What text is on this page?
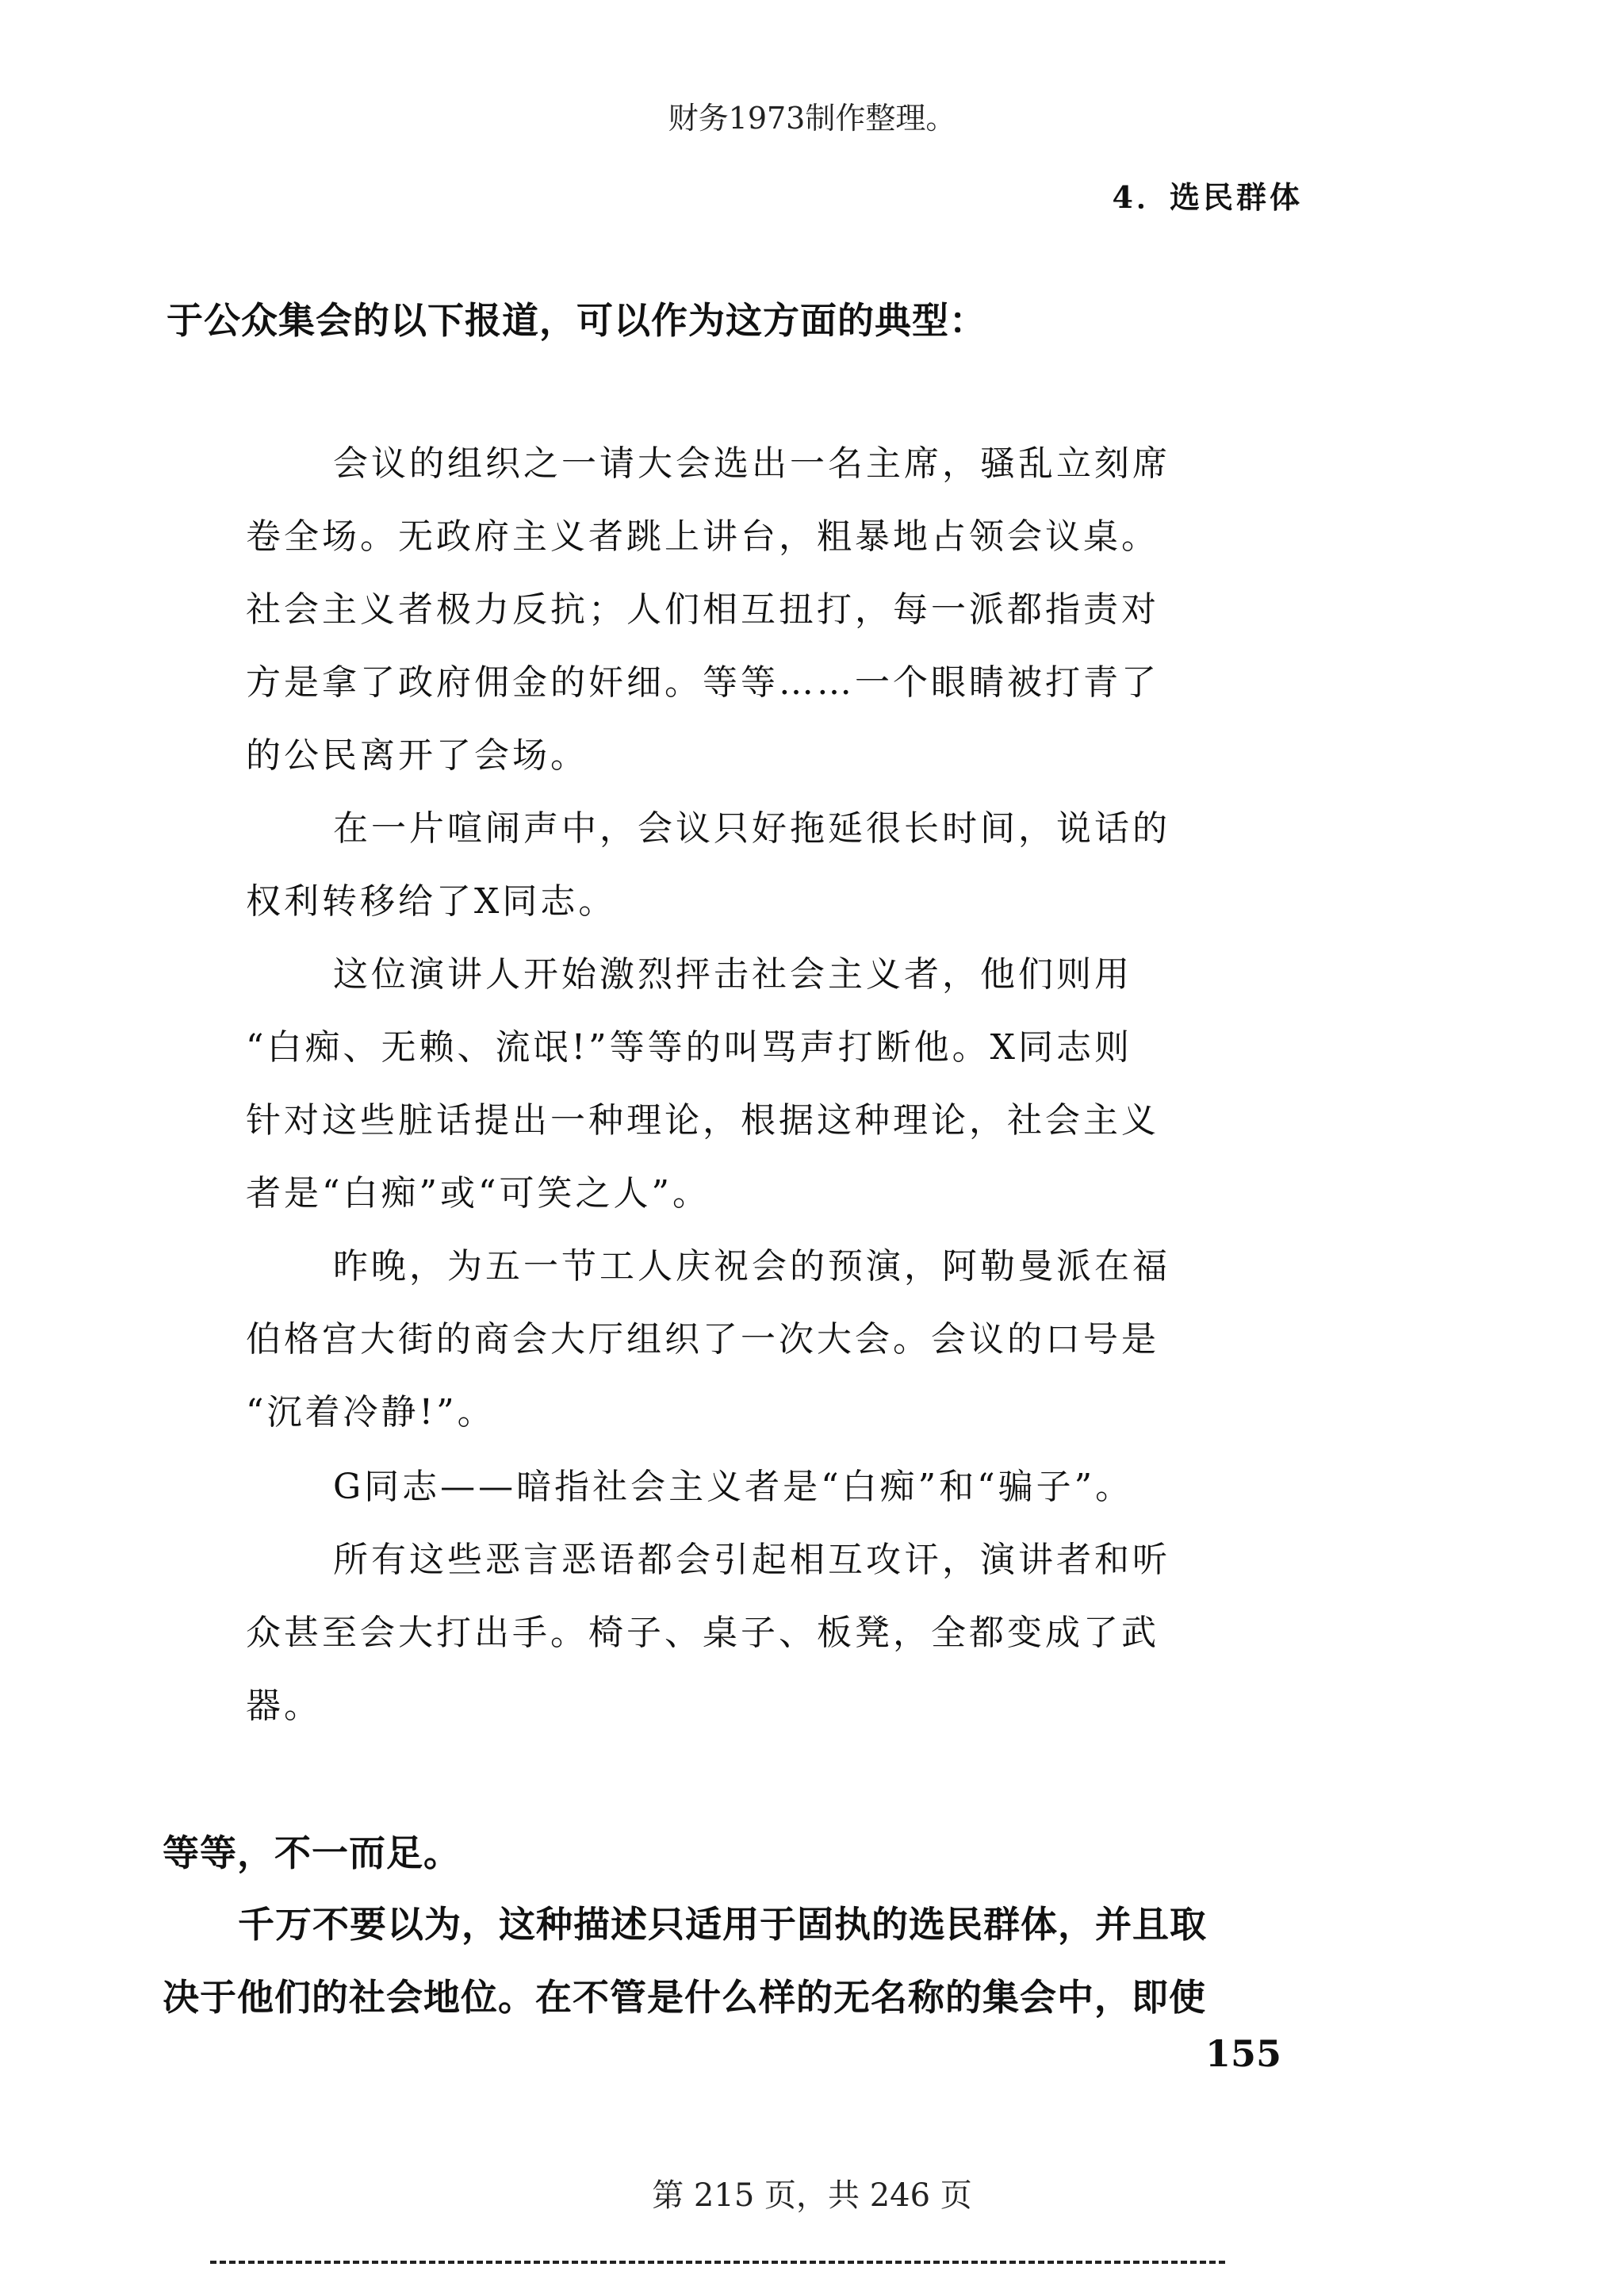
财务1973制作整理。
4．选民群体
于公众集会的以下报道，可以作为这方面的典型：
会议的组织之一请大会选出一名主席，骚乱立刻席
卷全场。无政府主义者跳上讲台，粗暴地占领会议桌。
社会主义者极力反抗；人们相互扭打，每一派都指责对
方是拿了政府佣金的奸细。等等……一个眼睛被打青了
的公民离开了会场。
在一片喧闹声中，会议只好拖延很长时间，说话的
权利转移给了X同志。
这位演讲人开始激烈抨击社会主义者，他们则用
“白痴、无赖、流氓!”等等的叫骂声打断他。X同志则
针对这些脏话提出一种理论，根据这种理论，社会主义
者是“白痴”或“可笑之人”。
昨晚，为五一节工人庆祝会的预演，阿勒曼派在福
伯格宫大街的商会大厅组织了一次大会。会议的口号是
“沉着冷静!”。
G同志——暗指社会主义者是“白痴”和“骗子”。
所有这些恶言恶语都会引起相互攻讦，演讲者和听
众甚至会大打出手。椅子、桌子、板凳，全都变成了武
器。
等等，不一而足。
千万不要以为，这种描述只适用于固执的选民群体，并且取
决于他们的社会地位。在不管是什么样的无名称的集会中，即使
155
第 215 页，共 246 页
